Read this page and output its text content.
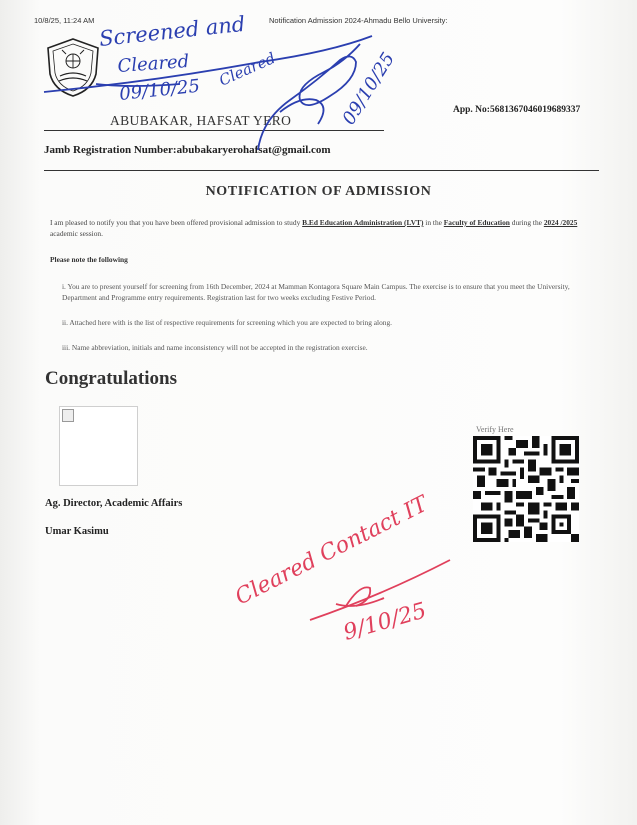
10/8/25, 11:24 AM	Notification Admission 2024-Ahmadu Bello University:
ABUBAKAR, HAFSAT YERO
App. No:5681367046019689337
Jamb Registration Number:abubakaryerohafsat@gmail.com
NOTIFICATION OF ADMISSION
I am pleased to notify you that you have been offered provisional admission to study B.Ed Education Administration (LVT) in the Faculty of Education during the 2024 /2025 academic session.
Please note the following
i. You are to present yourself for screening from 16th December, 2024 at Mamman Kontagora Square Main Campus. The exercise is to ensure that you meet the University, Department and Programme entry requirements. Registration last for two weeks excluding Festive Period.
ii. Attached here with is the list of respective requirements for screening which you are expected to bring along.
iii. Name abbreviation, initials and name inconsistency will not be accepted in the registration exercise.
Congratulations
Ag. Director, Academic Affairs
Umar Kasimu
Verify Here
Screened and
Cleared
09/10/25
Cleared	09/10/25
Cleared Contact IT
9/10/25
